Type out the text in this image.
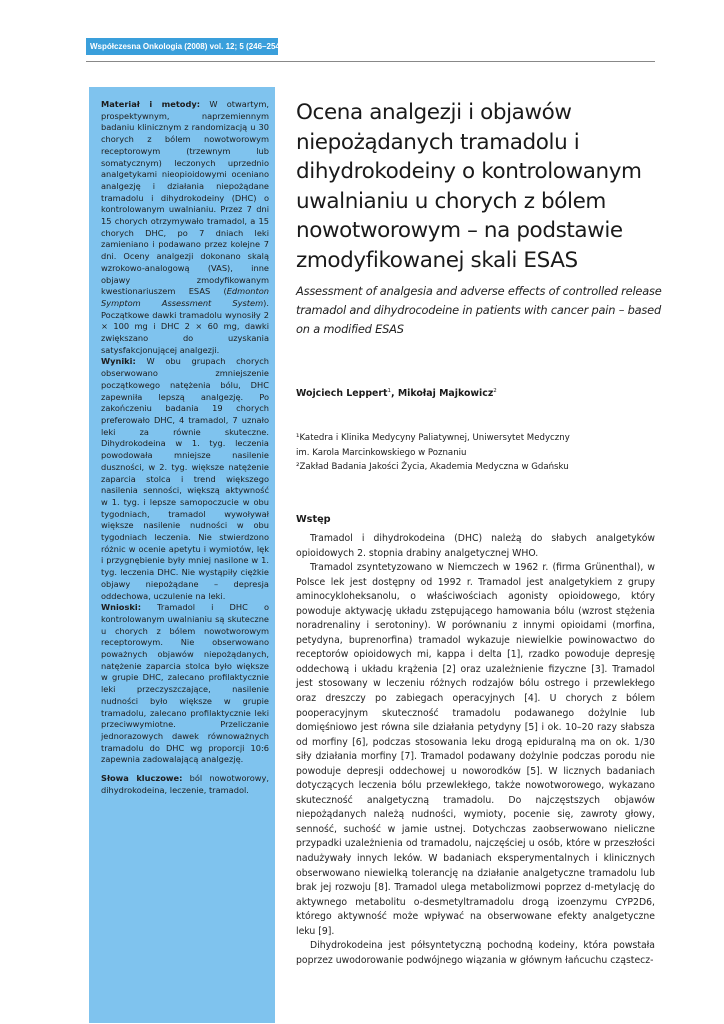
Współczesna Onkologia (2008) vol. 12; 5 (246–254)

Materiał i metody: W otwartym, prospektywnym, naprzemiennym badaniu klinicznym z randomizacją u 30 chorych z bólem nowotworowym receptorowym (trzewnym lub somatycznym) leczonych uprzednio analgetykami nieopioidowymi oceniano analgezję i działania niepożądane tramadolu i dihydrokodeiny (DHC) o kontrolowanym uwalnianiu. Przez 7 dni 15 chorych otrzymywało tramadol, a 15 chorych DHC, po 7 dniach leki zamieniano i podawano przez kolejne 7 dni. Oceny analgezji dokonano skalą wzrokowo-analogową (VAS), inne objawy zmodyfikowanym kwestionariuszem ESAS (Edmonton Symptom Assessment System). Początkowe dawki tramadolu wynosiły 2 × 100 mg i DHC 2 × 60 mg, dawki zwiększano do uzyskania satysfakcjonującej analgezji.

Wyniki: W obu grupach chorych obserwowano zmniejszenie początkowego natężenia bólu, DHC zapewniła lepszą analgezję. Po zakończeniu badania 19 chorych preferowało DHC, 4 tramadol, 7 uznało leki za równie skuteczne. Dihydrokodeina w 1. tyg. leczenia powodowała mniejsze nasilenie duszności, w 2. tyg. większe natężenie zaparcia stolca i trend większego nasilenia senności, większą aktywność w 1. tyg. i lepsze samopoczucie w obu tygodniach, tramadol wywoływał większe nasilenie nudności w obu tygodniach leczenia. Nie stwierdzono różnic w ocenie apetytu i wymiotów, lęk i przygnębienie były mniej nasilone w 1. tyg. leczenia DHC. Nie wystąpiły ciężkie objawy niepożądane – depresja oddechowa, uczulenie na leki.

Wnioski: Tramadol i DHC o kontrolowanym uwalnianiu są skuteczne u chorych z bólem nowotworowym receptorowym. Nie obserwowano poważnych objawów niepożądanych, natężenie zaparcia stolca było większe w grupie DHC, zalecano profilaktycznie leki przeczyszczające, nasilenie nudności było większe w grupie tramadolu, zalecano profilaktycznie leki przeciwwymiotne. Przeliczanie jednorazowych dawek równoważnych tramadolu do DHC wg proporcji 10:6 zapewnia zadowalającą analgezję.

Słowa kluczowe: ból nowotworowy, dihydrokodeina, leczenie, tramadol.

Ocena analgezji i objawów niepożądanych tramadolu i dihydrokodeiny o kontrolowanym uwalnianiu u chorych z bólem nowotworowym – na podstawie zmodyfikowanej skali ESAS

Assessment of analgesia and adverse effects of controlled release tramadol and dihydrocodeine in patients with cancer pain – based on a modified ESAS

Wojciech Leppert$^1$, Mikołaj Majkowicz$^2$
¹Katedra i Klinika Medycyny Paliatywnej, Uniwersytet Medyczny
im. Karola Marcinkowskiego w Poznaniu
²Zakład Badania Jakości Życia, Akademia Medyczna w Gdańsku
Wstęp

Tramadol i dihydrokodeina (DHC) należą do słabych analgetyków opioidowych 2. stopnia drabiny analgetycznej WHO.

Tramadol zsyntetyzowano w Niemczech w 1962 r. (firma Grünenthal), w Polsce lek jest dostępny od 1992 r. Tramadol jest analgetykiem z grupy aminocykloheksanolu, o właściwościach agonisty opioidowego, który powoduje aktywację układu zstępującego hamowania bólu (wzrost stężenia noradrenaliny i serotoniny). W porównaniu z innymi opioidami (morfina, petydyna, buprenorfina) tramadol wykazuje niewielkie powinowactwo do receptorów opioidowych mi, kappa i delta [1], rzadko powoduje depresję oddechową i układu krążenia [2] oraz uzależnienie fizyczne [3]. Tramadol jest stosowany w leczeniu różnych rodzajów bólu ostrego i przewlekłego oraz dreszczy po zabiegach operacyjnych [4]. U chorych z bólem pooperacyjnym skuteczność tramadolu podawanego dożylnie lub domięśniowo jest równa sile działania petydyny [5] i ok. 10–20 razy słabsza od morfiny [6], podczas stosowania leku drogą epiduralną ma on ok. 1/30 siły działania morfiny [7]. Tramadol podawany dożylnie podczas porodu nie powoduje depresji oddechowej u noworodków [5]. W licznych badaniach dotyczących leczenia bólu przewlekłego, także nowotworowego, wykazano skuteczność analgetyczną tramadolu. Do najczęstszych objawów niepożądanych należą nudności, wymioty, pocenie się, zawroty głowy, senność, suchość w jamie ustnej. Dotychczas zaobserwowano nieliczne przypadki uzależnienia od tramadolu, najczęściej u osób, które w przeszłości nadużywały innych leków. W badaniach eksperymentalnych i klinicznych obserwowano niewielką tolerancję na działanie analgetyczne tramadolu lub brak jej rozwoju [8]. Tramadol ulega metabolizmowi poprzez d-metylację do aktywnego metabolitu o-desmetyltramadolu drogą izoenzymu CYP2D6, którego aktywność może wpływać na obserwowane efekty analgetyczne leku [9].

Dihydrokodeina jest półsyntetyczną pochodną kodeiny, która powstała poprzez uwodorowanie podwójnego wiązania w głównym łańcuchu cząstecz-
